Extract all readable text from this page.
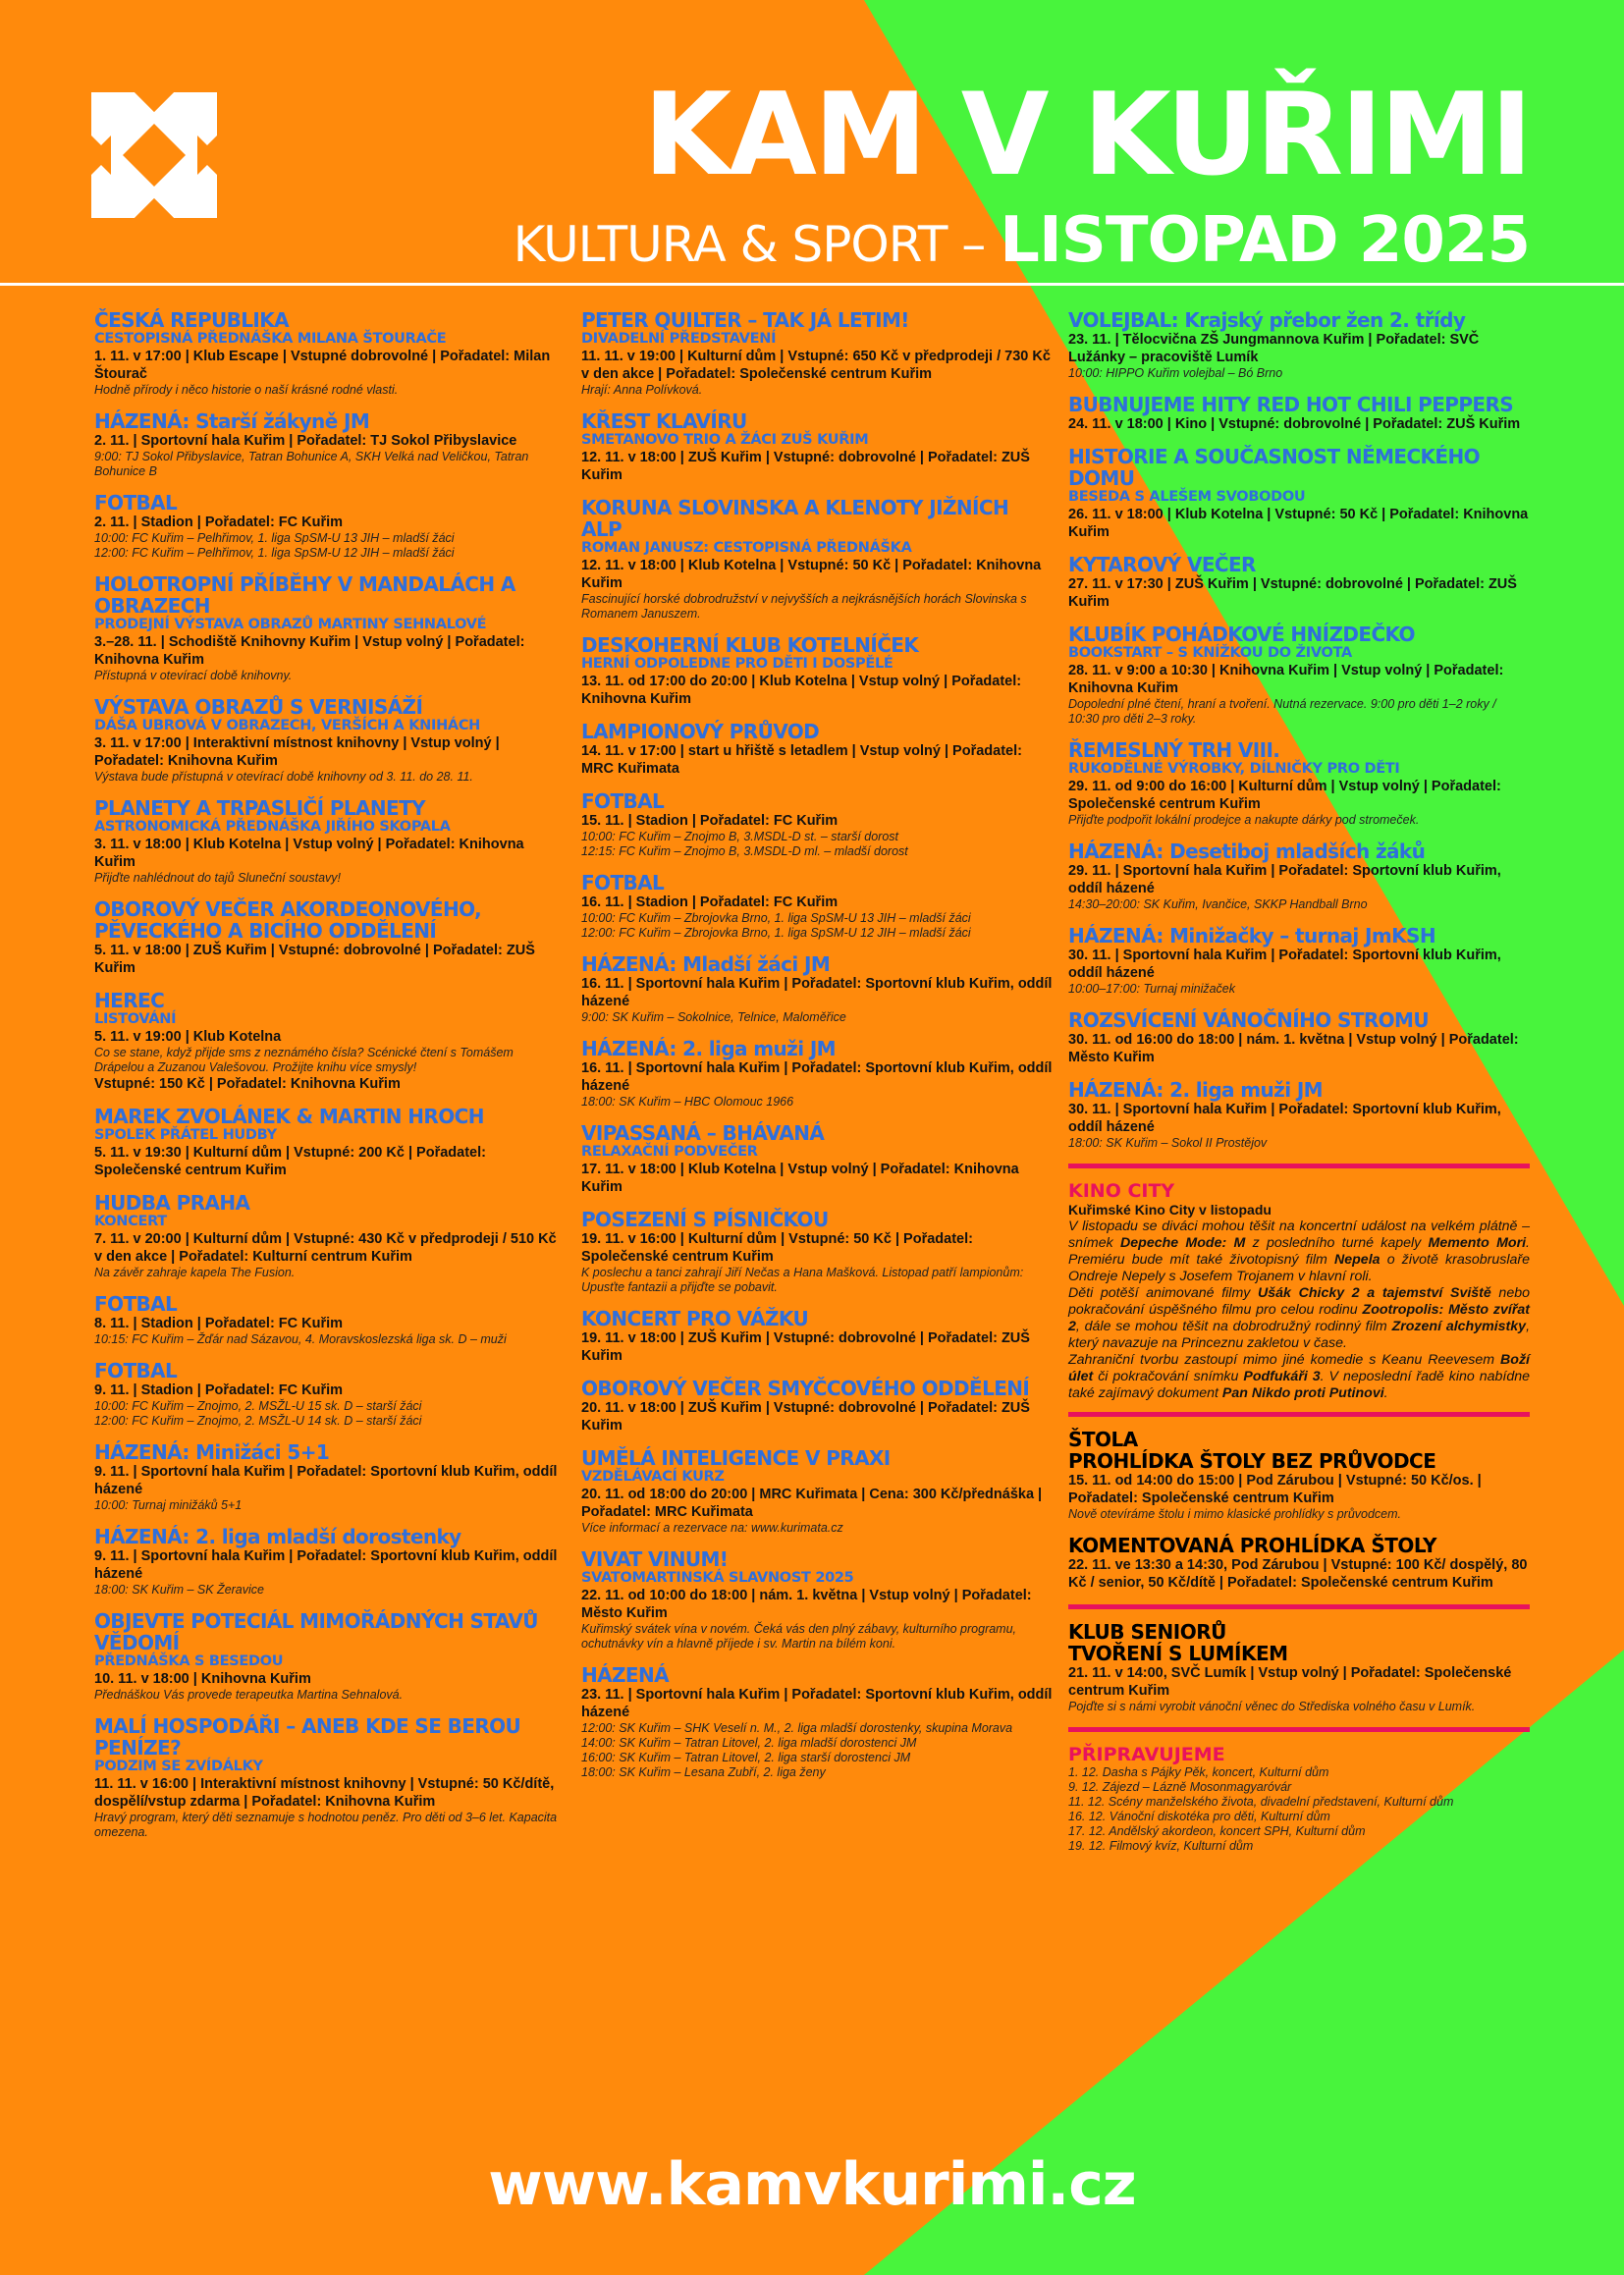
KAM V KUŘIMI
KULTURA & SPORT – LISTOPAD 2025
ČESKÁ REPUBLIKA
CESTOPISNÁ PŘEDNÁŠKA MILANA ŠTOURAČE
1. 11. v 17:00 | Klub Escape | Vstupné dobrovolné | Pořadatel: Milan Štourač
Hodně přírody i něco historie o naší krásné rodné vlasti.
HÁZENÁ: Starší žákyně JM
2. 11. | Sportovní hala Kuřim | Pořadatel: TJ Sokol Přibyslavice
9:00: TJ Sokol Přibyslavice, Tatran Bohunice A, SKH Velká nad Veličkou, Tatran Bohunice B
FOTBAL
2. 11. | Stadion | Pořadatel: FC Kuřim
10:00: FC Kuřim – Pelhřimov, 1. liga SpSM-U 13 JIH – mladší žáci
12:00: FC Kuřim – Pelhřimov, 1. liga SpSM-U 12 JIH – mladší žáci
HOLOTROPNÍ PŘÍBĚHY V MANDALÁCH A OBRAZECH
PRODEJNÍ VÝSTAVA OBRAZŮ MARTINY SEHNALOVÉ
3.–28. 11. | Schodiště Knihovny Kuřim | Vstup volný | Pořadatel: Knihovna Kuřim
Přístupná v otevírací době knihovny.
VÝSTAVA OBRAZŮ S VERNISÁŽÍ
DÁŠA UBROVÁ V OBRAZECH, VERŠÍCH A KNIHÁCH
3. 11. v 17:00 | Interaktivní místnost knihovny | Vstup volný | Pořadatel: Knihovna Kuřim
Výstava bude přístupná v otevírací době knihovny od 3. 11. do 28. 11.
PLANETY A TRPASLIČÍ PLANETY
ASTRONOMICKÁ PŘEDNÁŠKA JIŘÍHO SKOPALA
3. 11. v 18:00 | Klub Kotelna | Vstup volný | Pořadatel: Knihovna Kuřim
Přijďte nahlédnout do tajů Sluneční soustavy!
OBOROVÝ VEČER AKORDEONOVÉHO, PĚVECKÉHO A BICÍHO ODDĚLENÍ
5. 11. v 18:00 | ZUŠ Kuřim | Vstupné: dobrovolné | Pořadatel: ZUŠ Kuřim
HEREC
LISTOVÁNÍ
5. 11. v 19:00 | Klub Kotelna
Co se stane, když přijde sms z neznámého čísla? Scénické čtení s Tomášem Drápelou a Zuzanou Valešovou. Prožijte knihu více smysly!
Vstupné: 150 Kč | Pořadatel: Knihovna Kuřim
MAREK ZVOLÁNEK & MARTIN HROCH
SPOLEK PŘÁTEL HUDBY
5. 11. v 19:30 | Kulturní dům | Vstupné: 200 Kč | Pořadatel: Společenské centrum Kuřim
HUDBA PRAHA
KONCERT
7. 11. v 20:00 | Kulturní dům | Vstupné: 430 Kč v předprodeji / 510 Kč v den akce | Pořadatel: Kulturní centrum Kuřim
Na závěr zahraje kapela The Fusion.
FOTBAL
8. 11. | Stadion | Pořadatel: FC Kuřim
10:15: FC Kuřim – Žďár nad Sázavou, 4. Moravskoslezská liga sk. D – muži
FOTBAL
9. 11. | Stadion | Pořadatel: FC Kuřim
10:00: FC Kuřim – Znojmo, 2. MSŽL-U 15 sk. D – starší žáci
12:00: FC Kuřim – Znojmo, 2. MSŽL-U 14 sk. D – starší žáci
HÁZENÁ: Minižáci 5+1
9. 11. | Sportovní hala Kuřim | Pořadatel: Sportovní klub Kuřim, oddíl házené
10:00: Turnaj minižáků 5+1
HÁZENÁ: 2. liga mladší dorostenky
9. 11. | Sportovní hala Kuřim | Pořadatel: Sportovní klub Kuřim, oddíl házené
18:00: SK Kuřim – SK Žeravice
OBJEVTE POTECIÁL MIMOŘÁDNÝCH STAVŮ VĚDOMÍ
PŘEDNÁŠKA S BESEDOU
10. 11. v 18:00 | Knihovna Kuřim
Přednáškou Vás provede terapeutka Martina Sehnalová.
MALÍ HOSPODÁŘI – ANEB KDE SE BEROU PENÍZE?
PODZIM SE ZVÍDÁLKY
11. 11. v 16:00 | Interaktivní místnost knihovny | Vstupné: 50 Kč/dítě, dospělí/vstup zdarma | Pořadatel: Knihovna Kuřim
Hravý program, který děti seznamuje s hodnotou peněz. Pro děti od 3–6 let. Kapacita omezena.
PETER QUILTER – TAK JÁ LETIM!
DIVADELNÍ PŘEDSTAVENÍ
11. 11. v 19:00 | Kulturní dům | Vstupné: 650 Kč v předprodeji / 730 Kč v den akce | Pořadatel: Společenské centrum Kuřim
Hrají: Anna Polívková.
KŘEST KLAVÍRU
SMETANOVO TRIO A ŽÁCI ZUŠ KUŘIM
12. 11. v 18:00 | ZUŠ Kuřim | Vstupné: dobrovolné | Pořadatel: ZUŠ Kuřim
KORUNA SLOVINSKA A KLENOTY JIŽNÍCH ALP
ROMAN JANUSZ: CESTOPISNÁ PŘEDNÁŠKA
12. 11. v 18:00 | Klub Kotelna | Vstupné: 50 Kč | Pořadatel: Knihovna Kuřim
Fascinující horské dobrodružství v nejvyšších a nejkrásnějších horách Slovinska s Romanem Januszem.
DESKOHERNÍ KLUB KOTELNÍČEK
HERNÍ ODPOLEDNE PRO DĚTI I DOSPĚLÉ
13. 11. od 17:00 do 20:00 | Klub Kotelna | Vstup volný | Pořadatel: Knihovna Kuřim
LAMPIONOVÝ PRŮVOD
14. 11. v 17:00 | start u hřiště s letadlem | Vstup volný | Pořadatel: MRC Kuřimata
FOTBAL
15. 11. | Stadion | Pořadatel: FC Kuřim
10:00: FC Kuřim – Znojmo B, 3.MSDL-D st. – starší dorost
12:15: FC Kuřim – Znojmo B, 3.MSDL-D ml. – mladší dorost
FOTBAL
16. 11. | Stadion | Pořadatel: FC Kuřim
10:00: FC Kuřim – Zbrojovka Brno, 1. liga SpSM-U 13 JIH – mladší žáci
12:00: FC Kuřim – Zbrojovka Brno, 1. liga SpSM-U 12 JIH – mladší žáci
HÁZENÁ: Mladší žáci JM
16. 11. | Sportovní hala Kuřim | Pořadatel: Sportovní klub Kuřim, oddíl házené
9:00: SK Kuřim – Sokolnice, Telnice, Maloměřice
HÁZENÁ: 2. liga muži JM
16. 11. | Sportovní hala Kuřim | Pořadatel: Sportovní klub Kuřim, oddíl házené
18:00: SK Kuřim – HBC Olomouc 1966
VIPASSANÁ – BHÁVANÁ
RELAXAČNÍ PODVEČER
17. 11. v 18:00 | Klub Kotelna | Vstup volný | Pořadatel: Knihovna Kuřim
POSEZENÍ S PÍSNIČKOU
19. 11. v 16:00 | Kulturní dům | Vstupné: 50 Kč | Pořadatel: Společenské centrum Kuřim
K poslechu a tanci zahrají Jiří Nečas a Hana Mašková. Listopad patří lampionům: Upusťte fantazii a přijďte se pobavit.
KONCERT PRO VÁŽKU
19. 11. v 18:00 | ZUŠ Kuřim | Vstupné: dobrovolné | Pořadatel: ZUŠ Kuřim
OBOROVÝ VEČER SMYČCOVÉHO ODDĚLENÍ
20. 11. v 18:00 | ZUŠ Kuřim | Vstupné: dobrovolné | Pořadatel: ZUŠ Kuřim
UMĚLÁ INTELIGENCE V PRAXI
VZDĚLÁVACÍ KURZ
20. 11. od 18:00 do 20:00 | MRC Kuřimata | Cena: 300 Kč/přednáška | Pořadatel: MRC Kuřimata
Více informací a rezervace na: www.kurimata.cz
VIVAT VINUM!
SVATOMARTINSKÁ SLAVNOST 2025
22. 11. od 10:00 do 18:00 | nám. 1. května | Vstup volný | Pořadatel: Město Kuřim
Kuřimský svátek vína v novém. Čeká vás den plný zábavy, kulturního programu, ochutnávky vín a hlavně příjede i sv. Martin na bílém koni.
HÁZENÁ
23. 11. | Sportovní hala Kuřim | Pořadatel: Sportovní klub Kuřim, oddíl házené
12:00: SK Kuřim – SHK Veselí n. M., 2. liga mladší dorostenky, skupina Morava
14:00: SK Kuřim – Tatran Litovel, 2. liga mladší dorostenci JM
16:00: SK Kuřim – Tatran Litovel, 2. liga starší dorostenci JM
18:00: SK Kuřim – Lesana Zubří, 2. liga ženy
VOLEJBAL: Krajský přebor žen 2. třídy
23. 11. | Tělocvična ZŠ Jungmannova Kuřim | Pořadatel: SVČ Lužánky – pracoviště Lumík
10:00: HIPPO Kuřim volejbal – Bó Brno
BUBNUJEME HITY RED HOT CHILI PEPPERS
24. 11. v 18:00 | Kino | Vstupné: dobrovolné | Pořadatel: ZUŠ Kuřim
HISTORIE A SOUČASNOST NĚMECKÉHO DOMU
BESEDA S ALEŠEM SVOBODOU
26. 11. v 18:00 | Klub Kotelna | Vstupné: 50 Kč | Pořadatel: Knihovna Kuřim
KYTAROVÝ VEČER
27. 11. v 17:30 | ZUŠ Kuřim | Vstupné: dobrovolné | Pořadatel: ZUŠ Kuřim
KLUBÍK POHÁDKOVÉ HNÍZDEČKO
BOOKSTART – S KNÍŽKOU DO ŽIVOTA
28. 11. v 9:00 a 10:30 | Knihovna Kuřim | Vstup volný | Pořadatel: Knihovna Kuřim
Dopolední plné čtení, hraní a tvoření. Nutná rezervace. 9:00 pro děti 1–2 roky / 10:30 pro děti 2–3 roky.
ŘEMESLNÝ TRH VIII.
RUKODĚLNÉ VÝROBKY, DÍLNIČKY PRO DĚTI
29. 11. od 9:00 do 16:00 | Kulturní dům | Vstup volný | Pořadatel: Společenské centrum Kuřim
Přijďte podpořit lokální prodejce a nakupte dárky pod stromeček.
HÁZENÁ: Desetiboj mladších žáků
29. 11. | Sportovní hala Kuřim | Pořadatel: Sportovní klub Kuřim, oddíl házené
14:30–20:00: SK Kuřim, Ivančice, SKKP Handball Brno
HÁZENÁ: Minižačky – turnaj JmKSH
30. 11. | Sportovní hala Kuřim | Pořadatel: Sportovní klub Kuřim, oddíl házené
10:00–17:00: Turnaj minižaček
ROZSVÍCENÍ VÁNOČNÍHO STROMU
30. 11. od 16:00 do 18:00 | nám. 1. května | Vstup volný | Pořadatel: Město Kuřim
HÁZENÁ: 2. liga muži JM
30. 11. | Sportovní hala Kuřim | Pořadatel: Sportovní klub Kuřim, oddíl házené
18:00: SK Kuřim – Sokol II Prostějov
KINO CITY
Kuřimské Kino City v listopadu
V listopadu se diváci mohou těšit na koncertní událost na velkém plátně – snímek Depeche Mode: M z posledního turné kapely Memento Mori. Premiéru bude mít také životopisný film Nepela o životě krasobruslaře Ondreje Nepely s Josefem Trojanem v hlavní roli.
Děti potěší animované filmy Ušák Chicky 2 a tajemství Sviště nebo pokračování úspěšného filmu pro celou rodinu Zootropolis: Město zvířat 2, dále se mohou těšit na dobrodružný rodinný film Zrození alchymistky, který navazuje na Princeznu zakletou v čase.
Zahraniční tvorbu zastoupí mimo jiné komedie s Keanu Reevesem Boží úlet či pokračování snímku Podfukáři 3. V neposlední řadě kino nabídne také zajímavý dokument Pan Nikdo proti Putinovi.
ŠTOLA
PROHLÍDKA ŠTOLY BEZ PRŮVODCE
15. 11. od 14:00 do 15:00 | Pod Zárubou | Vstupné: 50 Kč/os. | Pořadatel: Společenské centrum Kuřim
Nově otevíráme štolu i mimo klasické prohlídky s průvodcem.
KOMENTOVANÁ PROHLÍDKA ŠTOLY
22. 11. ve 13:30 a 14:30, Pod Zárubou | Vstupné: 100 Kč/ dospělý, 80 Kč / senior, 50 Kč/dítě | Pořadatel: Společenské centrum Kuřim
KLUB SENIORŮ
TVOŘENÍ S LUMÍKEM
21. 11. v 14:00, SVČ Lumík | Vstup volný | Pořadatel: Společenské centrum Kuřim
Pojďte si s námi vyrobit vánoční věnec do Střediska volného času v Lumík.
PŘIPRAVUJEME
1. 12. Dasha s Pájky Pěk, koncert, Kulturní dům
9. 12. Zájezd – Lázně Mosonmagyaróvár
11. 12. Scény manželského života, divadelní představení, Kulturní dům
16. 12. Vánoční diskotéka pro děti, Kulturní dům
17. 12. Andělský akordeon, koncert SPH, Kulturní dům
19. 12. Filmový kvíz, Kulturní dům
www.kamvkurimi.cz
